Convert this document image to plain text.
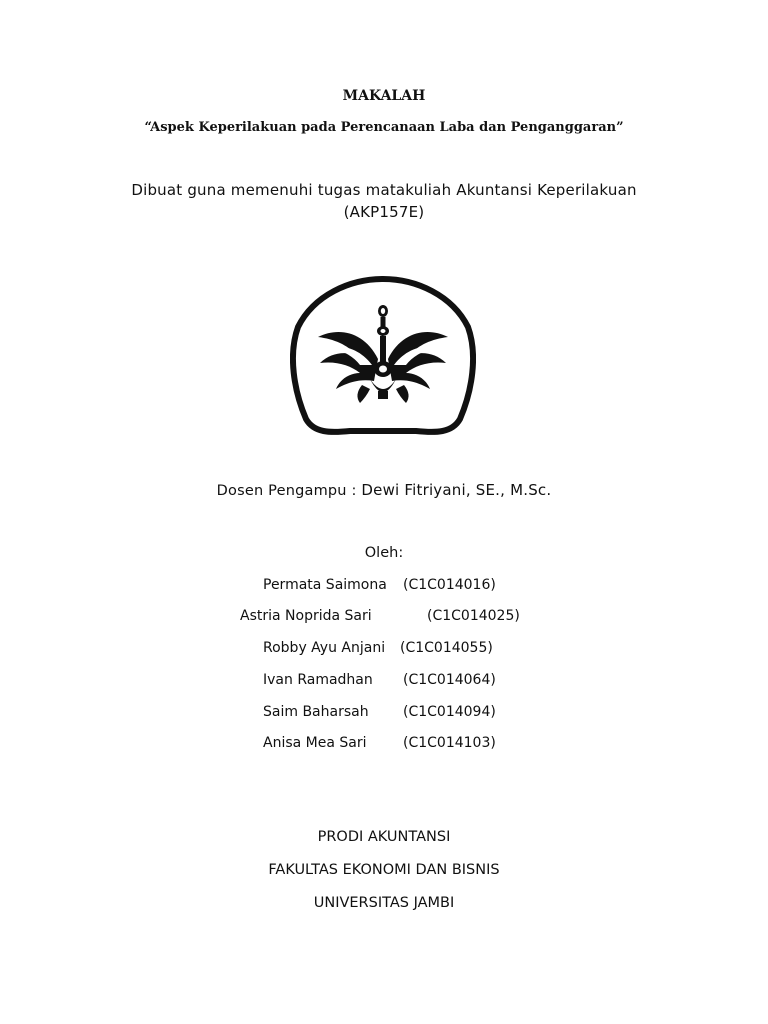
MAKALAH
“Aspek Keperilakuan pada Perencanaan Laba dan Penganggaran”
Dibuat guna memenuhi tugas matakuliah Akuntansi Keperilakuan
(AKP157E)
Dosen Pengampu : Dewi Fitriyani, SE., M.Sc.
Oleh:
Permata Saimona (C1C014016)
Astria Noprida Sari	(C1C014025)
Robby Ayu Anjani (C1C014055)
Ivan Ramadhan (C1C014064)
Saim Baharsah (C1C014094)
Anisa Mea Sari	(C1C014103)
PRODI AKUNTANSI
FAKULTAS EKONOMI DAN BISNIS
UNIVERSITAS JAMBI
